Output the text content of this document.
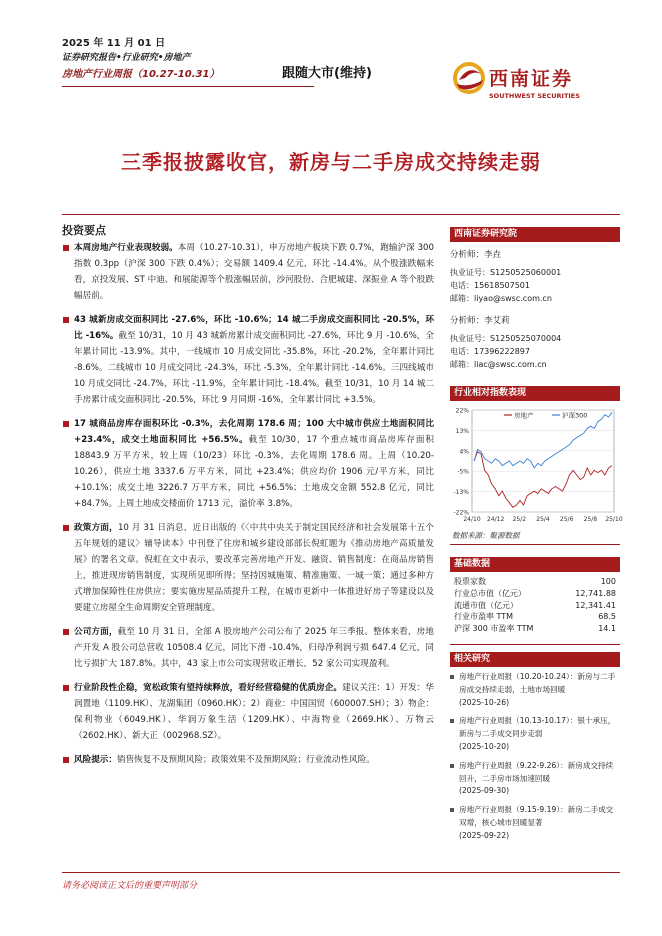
2025 年 11 月 01 日
证券研究报告•行业研究•房地产
房地产行业周报（10.27-10.31）	跟随大市(维持)	西南证券
SOUTHWEST SECURITIES
三季报披露收官，新房与二手房成交持续走弱
投资要点
本周房地产行业表现较弱。本周（10.27-10.31），申万房地产板块下跌 0.7%，跑输沪深 300 指数 0.3pp（沪深 300 下跌 0.4%）；交易额 1409.4 亿元，环比 -14.4%。从个股涨跌幅来看，京投发展、ST 中迪、和展能源等个股涨幅居前，沙河股份、合肥城建、深振业 A 等个股跌幅居前。
43 城新房成交面积同比 -27.6%，环比 -10.6%；14 城二手房成交面积同比 -20.5%，环比 -16%。截至 10/31，10 月 43 城新房累计成交面积同比 -27.6%，环比 9 月 -10.6%，全年累计同比 -13.9%。其中，一线城市 10 月成交同比 -35.8%，环比 -20.2%，全年累计同比 -8.6%。二线城市 10 月成交同比 -24.3%，环比 -5.3%，全年累计同比 -14.6%。三四线城市 10 月成交同比 -24.7%，环比 -11.9%，全年累计同比 -18.4%。截至 10/31，10 月 14 城二手房累计成交面积同比 -20.5%，环比 9 月同期 -16%，全年累计同比 +3.5%。
17 城商品房库存面积环比 -0.3%，去化周期 178.6 周；100 大中城市供应土地面积同比 +23.4%，成交土地面积同比 +56.5%。截至 10/30，17 个重点城市商品房库存面积 18843.9 万平方米，较上周（10/23）环比 -0.3%，去化周期 178.6 周。上周（10.20-10.26），供应土地 3337.6 万平方米，同比 +23.4%；供应均价 1906 元/平方米，同比 +10.1%；成交土地 3226.7 万平方米，同比 +56.5%；土地成交金额 552.8 亿元，同比 +84.7%。上周土地成交楼面价 1713 元，溢价率 3.8%。
政策方面，10 月 31 日消息，近日出版的《〈中共中央关于制定国民经济和社会发展第十五个五年规划的建议〉辅导读本》中刊登了住房和城乡建设部部长倪虹题为《推动房地产高质量发展》的署名文章。倪虹在文中表示，要改革完善房地产开发、融资、销售制度：在商品房销售上，推进现房销售制度，实现所见即所得；坚持因城施策、精准施策、一城一策；通过多种方式增加保障性住房供应；要实施房屋品质提升工程，在城市更新中一体推进好房子等建设以及要建立房屋全生命周期安全管理制度。
公司方面，截至 10 月 31 日，全部 A 股房地产公司公布了 2025 年三季报。整体来看，房地产开发 A 股公司总营收 10508.4 亿元，同比下滑 -10.4%，归母净利润亏损 647.4 亿元，同比亏损扩大 187.8%。其中，43 家上市公司实现营收正增长，52 家公司实现盈利。
行业阶段性企稳，宽松政策有望持续释放，看好经营稳健的优质房企。建议关注：1）开发：华润置地（1109.HK）、龙湖集团（0960.HK）；2）商业：中国国贸（600007.SH）；3）物企：保利物业（6049.HK）、华润万象生活（1209.HK）、中海物业（2669.HK）、万物云（2602.HK）、新大正（002968.SZ）。
风险提示：销售恢复不及预期风险；政策效果不及预期风险；行业流动性风险。
西南证券研究院
分析师：李垚
执业证号：S1250525060001
电话：15618507501
邮箱：liyao@swsc.com.cn
分析师：李艾莉
执业证号：S1250525070004
电话：17396222897
邮箱：liac@swsc.com.cn
行业相对指数表现
22%
13%
4%
-5%
-13%
-22%
24/10 24/12 25/2 25/4 25/6 25/8 25/10
房地产	沪深300
数据来源：聚源数据
基础数据
股票家数	100
行业总市值（亿元）	12,741.88
流通市值（亿元）	12,341.41
行业市盈率 TTM	68.5
沪深 300 市盈率 TTM	14.1
相关研究
房地产行业周报（10.20-10.24）：新房与二手房成交持续走弱，土地市场回暖
(2025-10-26)
房地产行业周报（10.13-10.17）：银十承压，新房与二手成交同步走弱
(2025-10-20)
房地产行业周报（9.22-9.26）：新房成交持续回升，二手房市场加速回暖
(2025-09-30)
房地产行业周报（9.15-9.19）：新房二手成交双增，核心城市回暖显著
(2025-09-22)
请务必阅读正文后的重要声明部分
